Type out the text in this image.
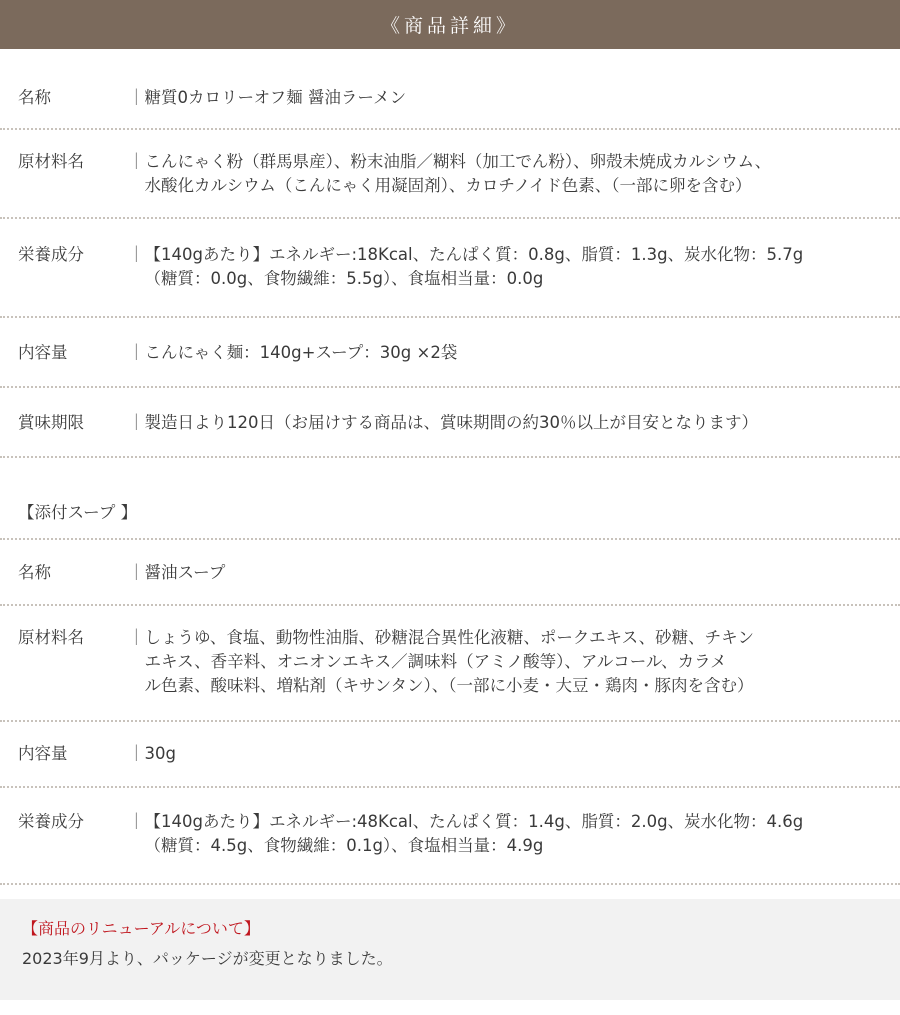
《商品詳細》
名称	｜ 糖質0カロリーオフ麺 醤油ラーメン
原材料名	｜ こんにゃく粉（群馬県産）、粉末油脂／糊料（加工でん粉）、卵殻未焼成カルシウム、
水酸化カルシウム（こんにゃく用凝固剤）、カロチノイド色素、（一部に卵を含む）
栄養成分	｜ 【140gあたり】エネルギー:18Kcal、たんぱく質：0.8g、脂質：1.3g、炭水化物：5.7g
（糖質：0.0g、食物繊維：5.5g）、食塩相当量：0.0g
内容量	｜ こんにゃく麺：140g+スープ：30g ×2袋
賞味期限	｜ 製造日より120日（お届けする商品は、賞味期間の約30％以上が目安となります）
【添付スープ 】
名称	｜ 醤油スープ
原材料名	｜ しょうゆ、食塩、動物性油脂、砂糖混合異性化液糖、ポークエキス、砂糖、チキン
エキス、香辛料、オニオンエキス／調味料（アミノ酸等）、アルコール、カラメ
ル色素、酸味料、増粘剤（キサンタン）、（一部に小麦・大豆・鶏肉・豚肉を含む）
内容量	｜ 30g
栄養成分	｜ 【140gあたり】エネルギー:48Kcal、たんぱく質：1.4g、脂質：2.0g、炭水化物：4.6g
（糖質：4.5g、食物繊維：0.1g）、食塩相当量：4.9g
【商品のリニューアルについて】
2023年9月より、パッケージが変更となりました。
